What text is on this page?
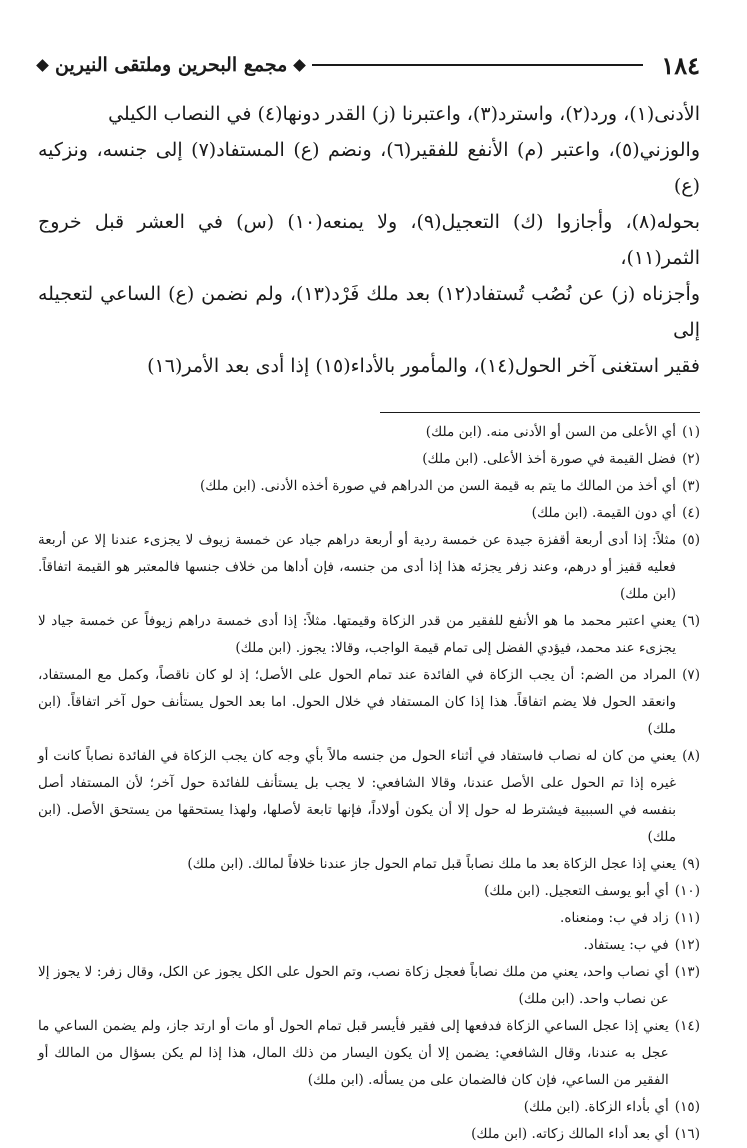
١٨٤
مجمع البحرين وملتقى النيرين

الأدنى(١)، ورد(٢)، واسترد(٣)، واعتبرنا (ز) القدر دونها(٤) في النصاب الكيلي

والوزني(٥)، واعتبر (م) الأنفع للفقير(٦)، ونضم (ع) المستفاد(٧) إلى جنسه، ونزكيه (ع)

بحوله(٨)، وأجازوا (ك) التعجيل(٩)، ولا يمنعه(١٠) (س) في العشر قبل خروج الثمر(١١)،

وأجزناه (ز) عن نُصُب تُستفاد(١٢) بعد ملك فَرْد(١٣)، ولم نضمن (ع) الساعي لتعجيله إلى

فقير استغنى آخر الحول(١٤)، والمأمور بالأداء(١٥) إذا أدى بعد الأمر(١٦)

(١)
أي الأعلى من السن أو الأدنى منه. (ابن ملك)
(٢)
فضل القيمة في صورة أخذ الأعلى. (ابن ملك)
(٣)
أي أخذ من المالك ما يتم به قيمة السن من الدراهم في صورة أخذه الأدنى. (ابن ملك)
(٤)
أي دون القيمة. (ابن ملك)
(٥)
مثلاً: إذا أدى أربعة أقفزة جيدة عن خمسة ردية أو أربعة دراهم جياد عن خمسة زيوف لا يجزىء عندنا إلا عن أربعة فعليه قفيز أو درهم، وعند زفر يجزئه هذا إذا أدى من جنسه، فإن أداها من خلاف جنسها فالمعتبر هو القيمة اتفاقاً. (ابن ملك)
(٦)
يعني اعتبر محمد ما هو الأنفع للفقير من قدر الزكاة وقيمتها. مثلاً: إذا أدى خمسة دراهم زيوفاً عن خمسة جياد لا يجزىء عند محمد، فيؤدي الفضل إلى تمام قيمة الواجب، وقالا: يجوز. (ابن ملك)
(٧)
المراد من الضم: أن يجب الزكاة في الفائدة عند تمام الحول على الأصل؛ إذ لو كان ناقصاً، وكمل مع المستفاد، وانعقد الحول فلا يضم اتفاقاً. هذا إذا كان المستفاد في خلال الحول. اما بعد الحول يستأنف حول آخر اتفاقاً. (ابن ملك)
(٨)
يعني من كان له نصاب فاستفاد في أثناء الحول من جنسه مالاً بأي وجه كان يجب الزكاة في الفائدة نصاباً كانت أو غيره إذا تم الحول على الأصل عندنا، وقالا الشافعي: لا يجب بل يستأنف للفائدة حول آخر؛ لأن المستفاد أصل بنفسه في السببية فيشترط له حول إلا أن يكون أولاداً، فإنها تابعة لأصلها، ولهذا يستحقها من يستحق الأصل. (ابن ملك)
(٩)
يعني إذا عجل الزكاة بعد ما ملك نصاباً قبل تمام الحول جاز عندنا خلافاً لمالك. (ابن ملك)
(١٠)
أي أبو يوسف التعجيل. (ابن ملك)
(١١)
زاد في ب: ومنعناه.
(١٢)
في ب: يستفاد.
(١٣)
أي نصاب واحد، يعني من ملك نصاباً فعجل زكاة نصب، وتم الحول على الكل يجوز عن الكل، وقال زفر: لا يجوز إلا عن نصاب واحد. (ابن ملك)
(١٤)
يعني إذا عجل الساعي الزكاة فدفعها إلى فقير فأيسر قبل تمام الحول أو مات أو ارتد جاز، ولم يضمن الساعي ما عجل به عندنا، وقال الشافعي: يضمن إلا أن يكون اليسار من ذلك المال، هذا إذا لم يكن بسؤال من المالك أو الفقير من الساعي، فإن كان فالضمان على من يسأله. (ابن ملك)
(١٥)
أي بأداء الزكاة. (ابن ملك)
(١٦)
أي بعد أداء المالك زكاته. (ابن ملك)
